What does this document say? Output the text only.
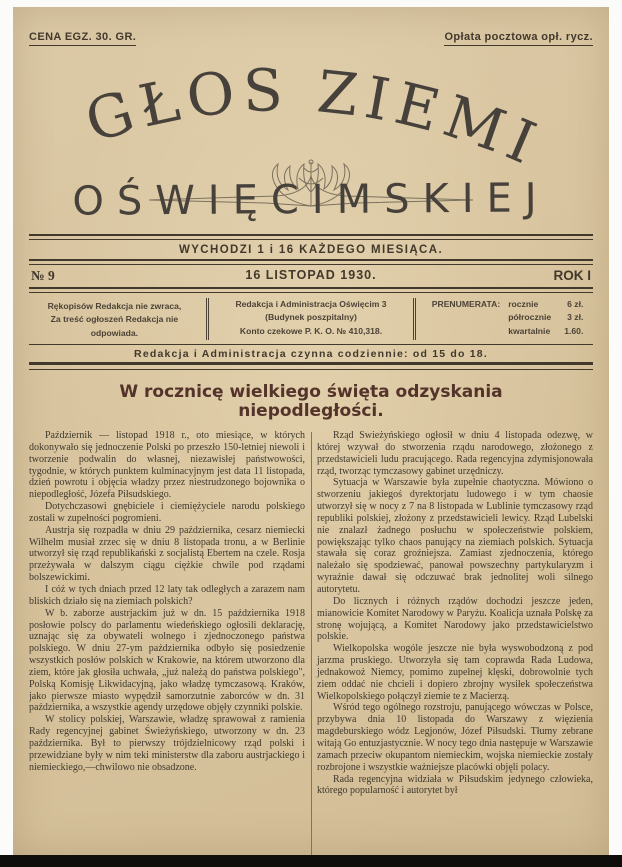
CENA EGZ. 30. GR.	Opłata pocztowa opł. rycz.
GŁOS ZIEMI
OŚWIĘCIMSKIEJ
WYCHODZI 1 i 16 KAŻDEGO MIESIĄCA.
№ 9	16 LISTOPAD 1930.	ROK I
Rękopisów Redakcja nie zwraca,
Za treść ogłoszeń Redakcja nie
odpowiada.
Redakcja i Administracja Oświęcim 3
(Budynek poszpitalny)
Konto czekowe P. K. O. № 410,318.
PRENUMERATA: rocznie	6 zł.
półrocznie 3 zł.
kwartalnie 1.60.
Redakcja i Administracja czynna codziennie: od 15 do 18.
W rocznicę wielkiego święta odzyskania
niepodległości.

Październik — listopad 1918 r., oto miesiące, w których dokonywało się jednoczenie Polski po przeszło 150-letniej niewoli i tworzenie podwalin do własnej, niezawisłej państwowości, tygodnie, w których punktem kulminacyjnym jest data 11 listopada, dzień powrotu i objęcia władzy przez niestrudzonego bojownika o niepodległość, Józefa Piłsudskiego.

Dotychczasowi gnębiciele i ciemiężyciele narodu polskiego zostali w zupełności pogromieni.

Austrja się rozpadła w dniu 29 października, cesarz niemiecki Wilhelm musiał zrzec się w dniu 8 listopada tronu, a w Berlinie utworzył się rząd republikański z socjalistą Ebertem na czele. Rosja przeżywała w dalszym ciągu ciężkie chwile pod rządami bolszewickimi.

I cóż w tych dniach przed 12 laty tak odległych a zarazem nam bliskich działo się na ziemiach polskich?

W b. zaborze austrjackim już w dn. 15 października 1918 posłowie polscy do parlamentu wiedeńskiego ogłosili deklarację, uznając się za obywateli wolnego i zjednoczonego państwa polskiego. W dniu 27-ym października odbyło się posiedzenie wszystkich posłów polskich w Krakowie, na którem utworzono dla ziem, które jak głosiła uchwała, „już należą do państwa polskiego", Polską Komisję Likwidacyjną, jako władzę tymczasową. Kraków, jako pierwsze miasto wypędził samorzutnie zaborców w dn. 31 października, a wszystkie agendy urzędowe objęły czynniki polskie.

W stolicy polskiej, Warszawie, władzę sprawował z ramienia Rady regencyjnej gabinet Świeżyńskiego, utworzony w dn. 23 października. Był to pierwszy trójdzielnicowy rząd polski i przewidziane były w nim teki ministerstw dla zaboru austrjackiego i niemieckiego,—chwilowo nie obsadzone.

Rząd Świeżyńskiego ogłosił w dniu 4 listopada odezwę, w której wzywał do stworzenia rządu narodowego, złożonego z przedstawicieli ludu pracującego. Rada regencyjna zdymisjonowała rząd, tworząc tymczasowy gabinet urzędniczy.

Sytuacja w Warszawie była zupełnie chaotyczna. Mówiono o stworzeniu jakiegoś dyrektorjatu ludowego i w tym chaosie utworzył się w nocy z 7 na 8 listopada w Lublinie tymczasowy rząd republiki polskiej, złożony z przedstawicieli lewicy. Rząd Lubelski nie znalazł żadnego posłuchu w społeczeństwie polskiem, powiększając tylko chaos panujący na ziemiach polskich. Sytuacja stawała się coraz groźniejsza. Zamiast zjednoczenia, którego należało się spodziewać, panował powszechny partykularyzm i wyraźnie dawał się odczuwać brak jednolitej woli silnego autorytetu.

Do licznych i różnych rządów dochodzi jeszcze jeden, mianowicie Komitet Narodowy w Paryżu. Koalicja uznała Polskę za stronę wojującą, a Komitet Narodowy jako przedstawicielstwo polskie.

Wielkopolska wogóle jeszcze nie była wyswobodzoną z pod jarzma pruskiego. Utworzyła się tam coprawda Rada Ludowa, jednakowoż Niemcy, pomimo zupełnej klęski, dobrowolnie tych ziem oddać nie chcieli i dopiero zbrojny wysiłek społeczeństwa Wielkopolskiego połączył ziemie te z Macierzą.

Wśród tego ogólnego rozstroju, panującego wówczas w Polsce, przybywa dnia 10 listopada do Warszawy z więzienia magdeburskiego wódz Legjonów, Józef Piłsudski. Tłumy zebrane witają Go entuzjastycznie. W nocy tego dnia następuje w Warszawie zamach przeciw okupantom niemieckim, wojska niemieckie zostały rozbrojone i wszystkie ważniejsze placówki objęli polacy.

Rada regencyjna widziała w Piłsudskim jedynego człowieka, którego popularność i autorytet był
